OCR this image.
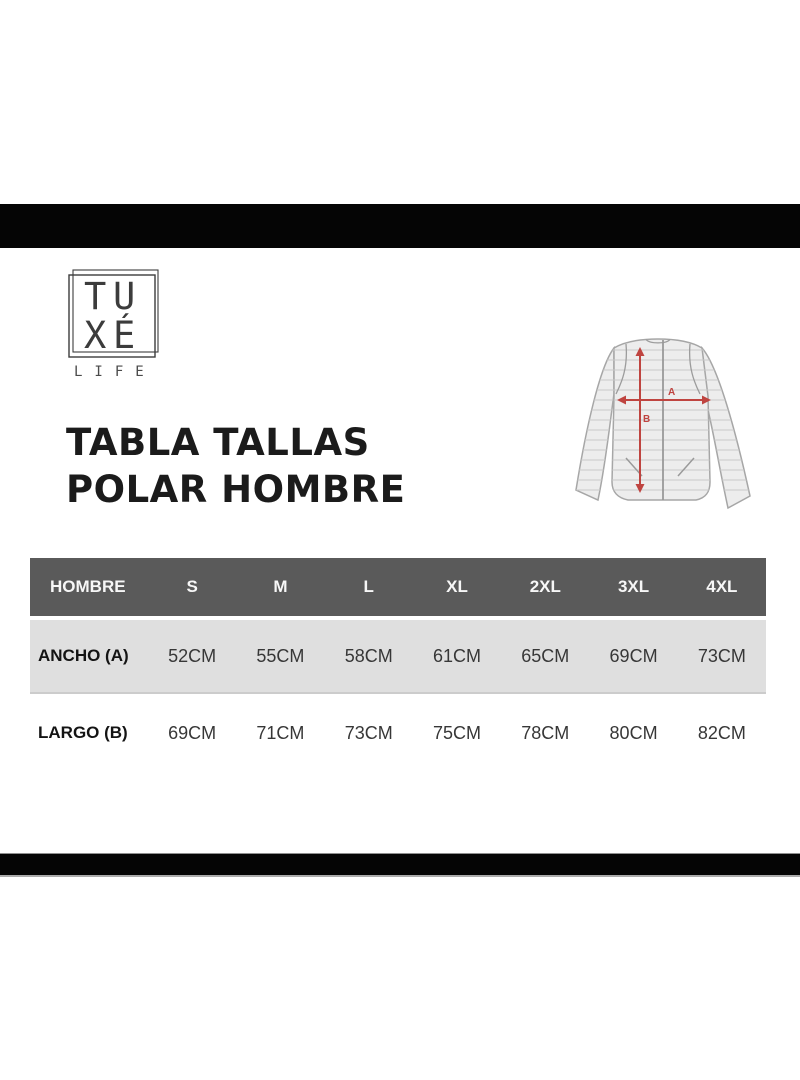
T U
X É
LIFE
TABLA TALLAS
POLAR HOMBRE
A
B
HOMBRE	S	M	L	XL	2XL	3XL	4XL
ANCHO (A)	52CM	55CM	58CM	61CM	65CM	69CM	73CM
LARGO (B)	69CM	71CM	73CM	75CM	78CM	80CM	82CM
